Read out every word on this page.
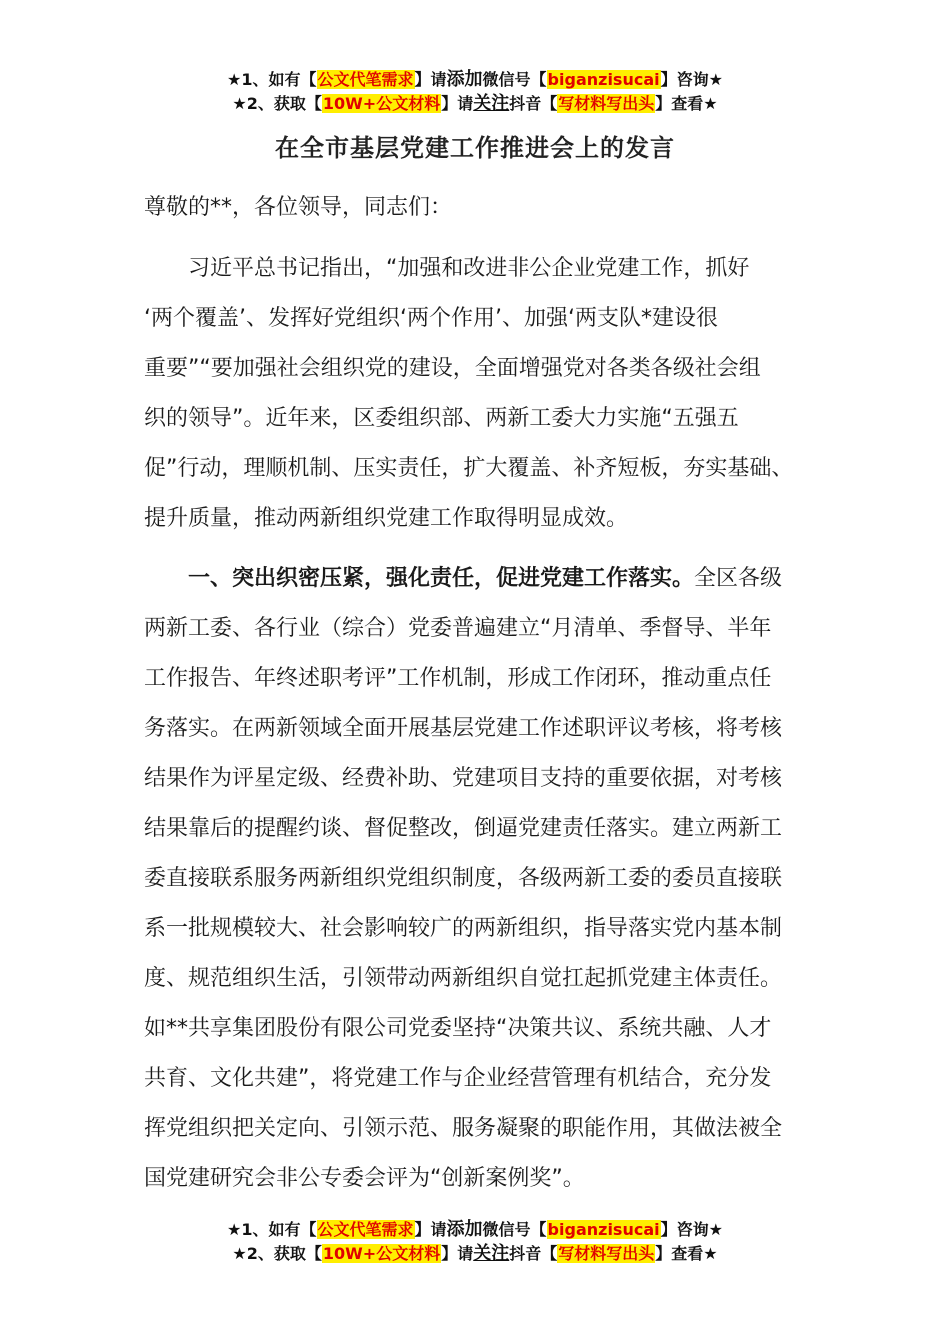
★1、如有【公文代笔需求】请添加微信号【biganzisucai】咨询★
★2、获取【10W+公文材料】请关注抖音【写材料写出头】查看★
在全市基层党建工作推进会上的发言
尊敬的**，各位领导，同志们：
习近平总书记指出，“加强和改进非公企业党建工作，抓好
‘两个覆盖’、发挥好党组织‘两个作用’、加强‘两支队*建设很
重要”“要加强社会组织党的建设，全面增强党对各类各级社会组
织的领导”。近年来，区委组织部、两新工委大力实施“五强五
促”行动，理顺机制、压实责任，扩大覆盖、补齐短板，夯实基础、
提升质量，推动两新组织党建工作取得明显成效。
一、突出织密压紧，强化责任，促进党建工作落实。全区各级
两新工委、各行业（综合）党委普遍建立“月清单、季督导、半年
工作报告、年终述职考评”工作机制，形成工作闭环，推动重点任
务落实。在两新领域全面开展基层党建工作述职评议考核，将考核
结果作为评星定级、经费补助、党建项目支持的重要依据，对考核
结果靠后的提醒约谈、督促整改，倒逼党建责任落实。建立两新工
委直接联系服务两新组织党组织制度，各级两新工委的委员直接联
系一批规模较大、社会影响较广的两新组织，指导落实党内基本制
度、规范组织生活，引领带动两新组织自觉扛起抓党建主体责任。
如**共享集团股份有限公司党委坚持“决策共议、系统共融、人才
共育、文化共建”，将党建工作与企业经营管理有机结合，充分发
挥党组织把关定向、引领示范、服务凝聚的职能作用，其做法被全
国党建研究会非公专委会评为“创新案例奖”。
★1、如有【公文代笔需求】请添加微信号【biganzisucai】咨询★
★2、获取【10W+公文材料】请关注抖音【写材料写出头】查看★
